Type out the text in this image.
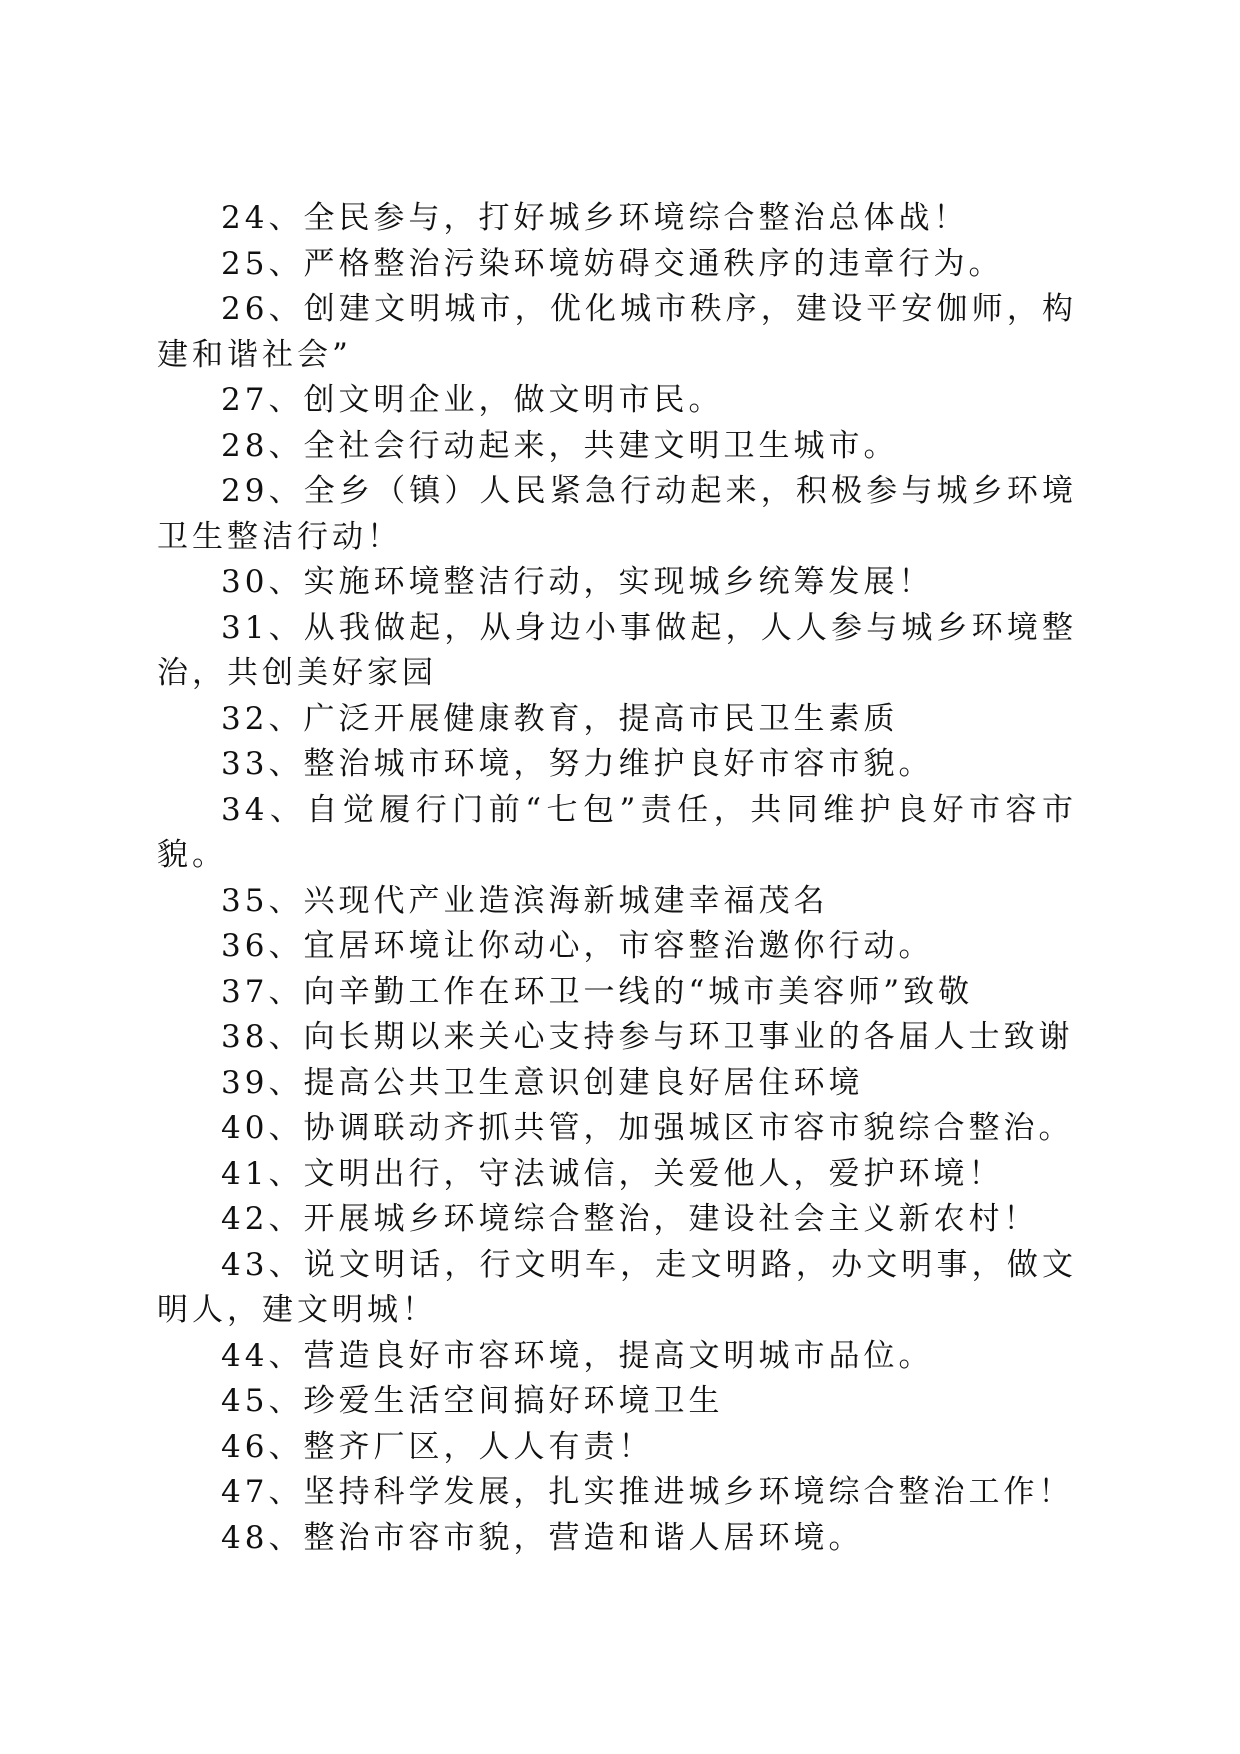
24、全民参与，打好城乡环境综合整治总体战！

25、严格整治污染环境妨碍交通秩序的违章行为。

26、创建文明城市，优化城市秩序，建设平安伽师，构建和谐社会”

27、创文明企业，做文明市民。

28、全社会行动起来，共建文明卫生城市。

29、全乡（镇）人民紧急行动起来，积极参与城乡环境卫生整洁行动！

30、实施环境整洁行动，实现城乡统筹发展！

31、从我做起，从身边小事做起，人人参与城乡环境整治，共创美好家园

32、广泛开展健康教育，提高市民卫生素质

33、整治城市环境，努力维护良好市容市貌。

34、自觉履行门前“七包”责任，共同维护良好市容市貌。

35、兴现代产业造滨海新城建幸福茂名

36、宜居环境让你动心，市容整治邀你行动。

37、向辛勤工作在环卫一线的“城市美容师”致敬

38、向长期以来关心支持参与环卫事业的各届人士致谢

39、提高公共卫生意识创建良好居住环境

40、协调联动齐抓共管，加强城区市容市貌综合整治。

41、文明出行，守法诚信，关爱他人，爱护环境！

42、开展城乡环境综合整治，建设社会主义新农村！

43、说文明话，行文明车，走文明路，办文明事，做文明人，建文明城！

44、营造良好市容环境，提高文明城市品位。

45、珍爱生活空间搞好环境卫生

46、整齐厂区，人人有责！

47、坚持科学发展，扎实推进城乡环境综合整治工作！

48、整治市容市貌，营造和谐人居环境。
